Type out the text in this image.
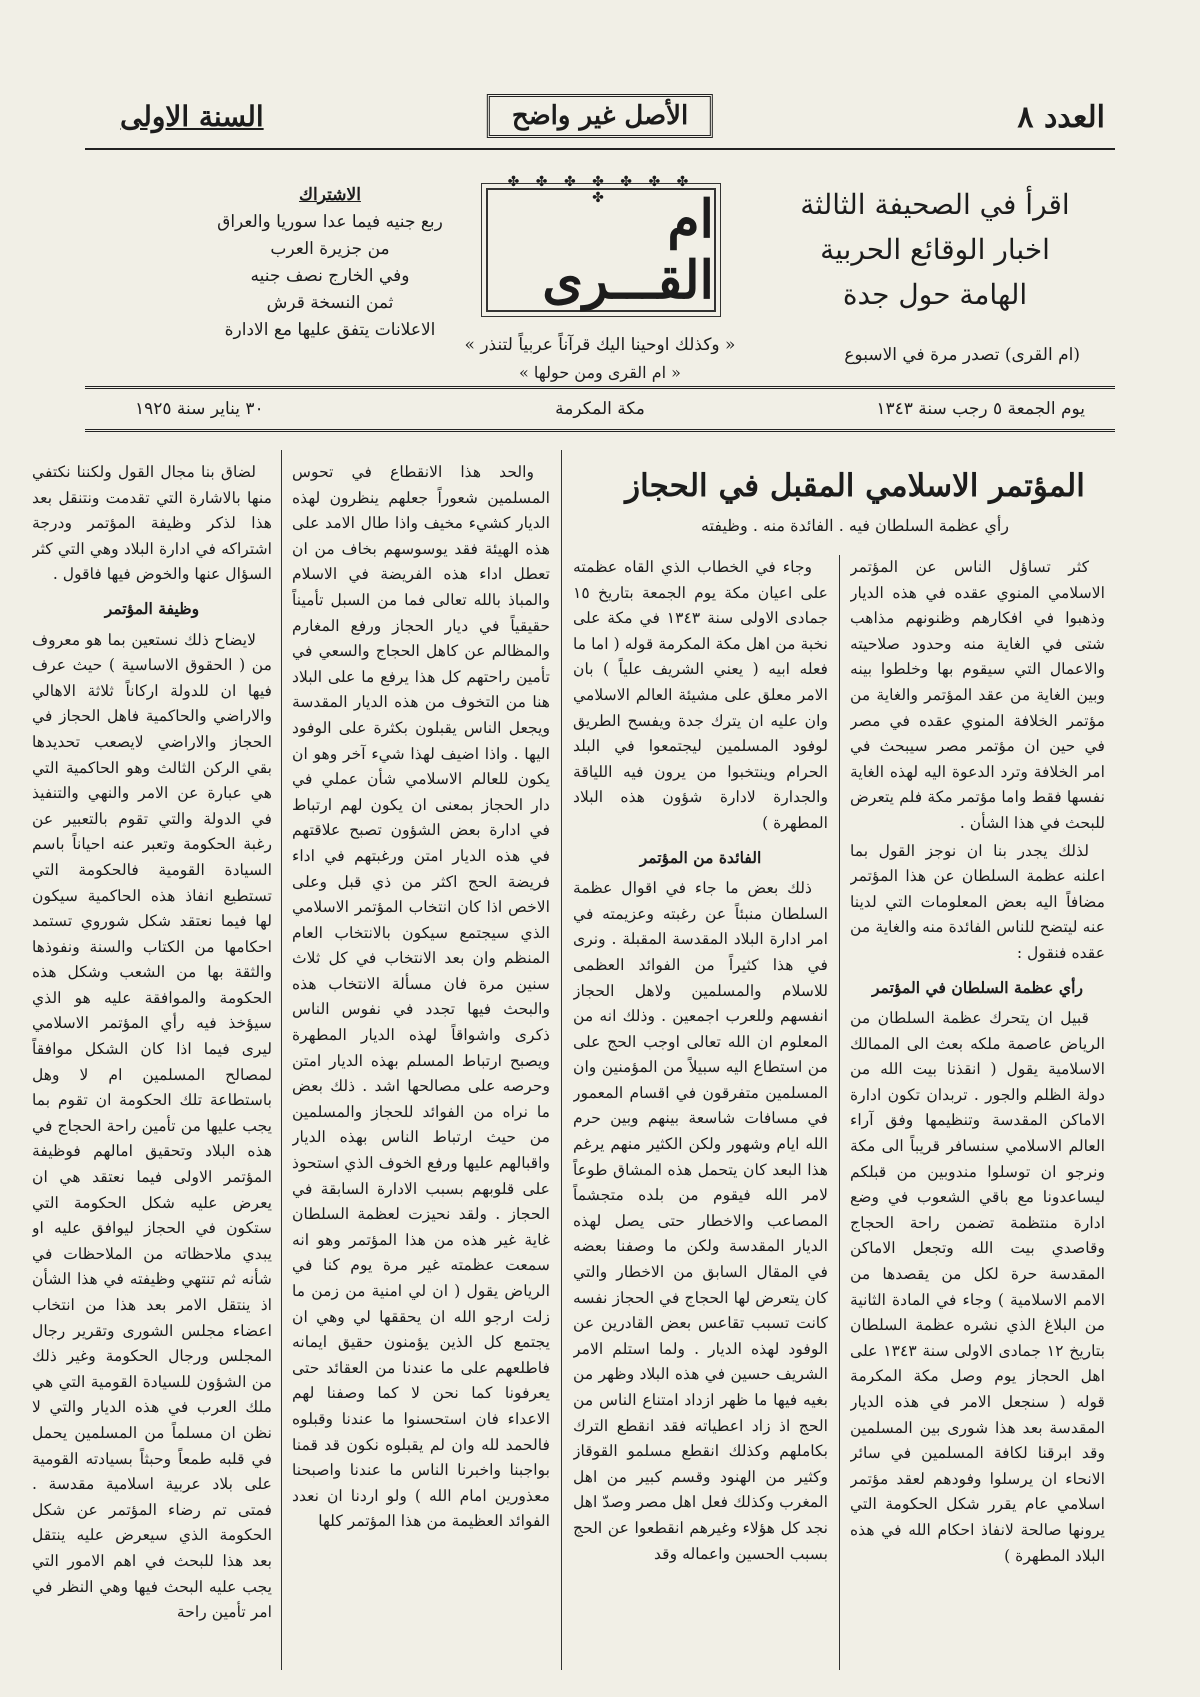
العدد ٨
الأصل غير واضح
السنة الاولى
اقرأ في الصحيفة الثالثة
اخبار الوقائع الحربية
الهامة حول جدة
(ام القرى) تصدر مرة في الاسبوع
✤ ✤ ✤ ✤ ✤ ✤ ✤ ✤	ام القـــرى
« وكذلك اوحينا اليك قرآناً عربياً لتنذر »
« ام القرى ومن حولها »
الاشتراك
ربع جنيه فيما عدا سوريا والعراق
من جزيرة العرب
وفي الخارج نصف جنيه
ثمن النسخة قرش
الاعلانات يتفق عليها مع الادارة
يوم الجمعة ٥ رجب سنة ١٣٤٣
مكة المكرمة
٣٠ يناير سنة ١٩٢٥
المؤتمر الاسلامي المقبل في الحجاز
رأي عظمة السلطان فيه . الفائدة منه . وظيفته

كثر تساؤل الناس عن المؤتمر الاسلامي المنوي عقده في هذه الديار وذهبوا في افكارهم وظنونهم مذاهب شتى في الغاية منه وحدود صلاحيته والاعمال التي سيقوم بها وخلطوا بينه وبين الغاية من عقد المؤتمر والغاية من مؤتمر الخلافة المنوي عقده في مصر في حين ان مؤتمر مصر سيبحث في امر الخلافة وترد الدعوة اليه لهذه الغاية نفسها فقط واما مؤتمر مكة فلم يتعرض للبحث في هذا الشأن .

لذلك يجدر بنا ان نوجز القول بما اعلنه عظمة السلطان عن هذا المؤتمر مضافاً اليه بعض المعلومات التي لدينا عنه ليتضح للناس الفائدة منه والغاية من عقده فنقول :

رأي عظمة السلطان في المؤتمر

قبيل ان يتحرك عظمة السلطان من الرياض عاصمة ملكه بعث الى الممالك الاسلامية يقول ( انقذنا بيت الله من دولة الظلم والجور . تربدان تكون ادارة الاماكن المقدسة وتنظيمها وفق آراء العالم الاسلامي سنسافر قريباً الى مكة ونرجو ان توسلوا مندوبين من قبلكم ليساعدونا مع باقي الشعوب في وضع ادارة منتظمة تضمن راحة الحجاج وقاصدي بيت الله وتجعل الاماكن المقدسة حرة لكل من يقصدها من الامم الاسلامية ) وجاء في المادة الثانية من البلاغ الذي نشره عظمة السلطان بتاريخ ١٢ جمادى الاولى سنة ١٣٤٣ على اهل الحجاز يوم وصل مكة المكرمة قوله ( سنجعل الامر في هذه الديار المقدسة بعد هذا شورى بين المسلمين وقد ابرقنا لكافة المسلمين في سائر الانحاء ان يرسلوا وفودهم لعقد مؤتمر اسلامي عام يقرر شكل الحكومة التي يرونها صالحة لانفاذ احكام الله في هذه البلاد المطهرة )

وجاء في الخطاب الذي القاه عظمته على اعيان مكة يوم الجمعة بتاريخ ١٥ جمادى الاولى سنة ١٣٤٣ في مكة على نخبة من اهل مكة المكرمة قوله ( اما ما فعله ابيه ( يعني الشريف علياً ) بان الامر معلق على مشيئة العالم الاسلامي وان عليه ان يترك جدة ويفسح الطريق لوفود المسلمين ليجتمعوا في البلد الحرام وينتخبوا من يرون فيه اللياقة والجدارة لادارة شؤون هذه البلاد المطهرة )

الفائدة من المؤتمر

ذلك بعض ما جاء في اقوال عظمة السلطان منبئاً عن رغبته وعزيمته في امر ادارة البلاد المقدسة المقبلة . ونرى في هذا كثيراً من الفوائد العظمى للاسلام والمسلمين ولاهل الحجاز انفسهم وللعرب اجمعين . وذلك انه من المعلوم ان الله تعالى اوجب الحج على من استطاع اليه سبيلاً من المؤمنين وان المسلمين متفرقون في اقسام المعمور في مسافات شاسعة بينهم وبين حرم الله ايام وشهور ولكن الكثير منهم يرغم هذا البعد كان يتحمل هذه المشاق طوعاً لامر الله فيقوم من بلده متجشماً المصاعب والاخطار حتى يصل لهذه الديار المقدسة ولكن ما وصفنا بعضه في المقال السابق من الاخطار والتي كان يتعرض لها الحجاج في الحجاز نفسه كانت تسبب تقاعس بعض القادرين عن الوفود لهذه الديار . ولما استلم الامر الشريف حسين في هذه البلاد وظهر من بغيه فيها ما ظهر ازداد امتناع الناس من الحج اذ زاد اعطياته فقد انقطع الترك بكاملهم وكذلك انقطع مسلمو القوقاز وكثير من الهنود وقسم كبير من اهل المغرب وكذلك فعل اهل مصر وصدّ اهل نجد كل هؤلاء وغيرهم انقطعوا عن الحج بسبب الحسين واعماله وقد

والحد هذا الانقطاع في تحوس المسلمين شعوراً جعلهم ينظرون لهذه الديار كشيء مخيف واذا طال الامد على هذه الهيئة فقد يوسوسهم بخاف من ان تعطل اداء هذه الفريضة في الاسلام والمباذ بالله تعالى فما من السبل تأميناً حقيقياً في ديار الحجاز ورفع المغارم والمظالم عن كاهل الحجاج والسعي في تأمين راحتهم كل هذا يرفع ما على البلاد هنا من التخوف من هذه الديار المقدسة ويجعل الناس يقبلون بكثرة على الوفود اليها . واذا اضيف لهذا شيء آخر وهو ان يكون للعالم الاسلامي شأن عملي في دار الحجاز بمعنى ان يكون لهم ارتباط في ادارة بعض الشؤون تصبح علاقتهم في هذه الديار امتن ورغبتهم في اداء فريضة الحج اكثر من ذي قبل وعلى الاخص اذا كان انتخاب المؤتمر الاسلامي الذي سيجتمع سيكون بالانتخاب العام المنظم وان بعد الانتخاب في كل ثلاث سنين مرة فان مسألة الانتخاب هذه والبحث فيها تجدد في نفوس الناس ذكرى واشواقاً لهذه الديار المطهرة ويصبح ارتباط المسلم بهذه الديار امتن وحرصه على مصالحها اشد . ذلك بعض ما نراه من الفوائد للحجاز والمسلمين من حيث ارتباط الناس بهذه الديار واقبالهم عليها ورفع الخوف الذي استحوذ على قلوبهم بسبب الادارة السابقة في الحجاز . ولقد نحيزت لعظمة السلطان غاية غير هذه من هذا المؤتمر وهو انه سمعت عظمته غير مرة يوم كنا في الرياض يقول ( ان لي امنية من زمن ما زلت ارجو الله ان يحققها لي وهي ان يجتمع كل الذين يؤمنون حقيق ايمانه فاطلعهم على ما عندنا من العقائد حتى يعرفونا كما نحن لا كما وصفنا لهم الاعداء فان استحسنوا ما عندنا وقبلوه فالحمد لله وان لم يقبلوه نكون قد قمنا بواجبنا واخبرنا الناس ما عندنا واصبحنا معذورين امام الله ) ولو اردنا ان نعدد الفوائد العظيمة من هذا المؤتمر كلها

لضاق بنا مجال القول ولكننا نكتفي منها بالاشارة التي تقدمت ونتنقل بعد هذا لذكر وظيفة المؤتمر ودرجة اشتراكه في ادارة البلاد وهي التي كثر السؤال عنها والخوض فيها فاقول .

وظيفة المؤتمر

لايضاح ذلك نستعين بما هو معروف من ( الحقوق الاساسية ) حيث عرف فيها ان للدولة اركاناً ثلاثة الاهالي والاراضي والحاكمية فاهل الحجاز في الحجاز والاراضي لايصعب تحديدها بقي الركن الثالث وهو الحاكمية التي هي عبارة عن الامر والنهي والتنفيذ في الدولة والتي تقوم بالتعبير عن رغبة الحكومة وتعبر عنه احياناً باسم السيادة القومية فالحكومة التي تستطيع انفاذ هذه الحاكمية سيكون لها فيما نعتقد شكل شوروي تستمد احكامها من الكتاب والسنة ونفوذها والثقة بها من الشعب وشكل هذه الحكومة والموافقة عليه هو الذي سيؤخذ فيه رأي المؤتمر الاسلامي ليرى فيما اذا كان الشكل موافقاً لمصالح المسلمين ام لا وهل باستطاعة تلك الحكومة ان تقوم بما يجب عليها من تأمين راحة الحجاج في هذه البلاد وتحقيق امالهم فوظيفة المؤتمر الاولى فيما نعتقد هي ان يعرض عليه شكل الحكومة التي ستكون في الحجاز ليوافق عليه او يبدي ملاحظاته من الملاحظات في شأنه ثم تنتهي وظيفته في هذا الشأن اذ ينتقل الامر بعد هذا من انتخاب اعضاء مجلس الشورى وتقرير رجال المجلس ورجال الحكومة وغير ذلك من الشؤون للسيادة القومية التي هي ملك العرب في هذه الديار والتي لا نظن ان مسلماً من المسلمين يحمل في قلبه طمعاً وحبثاً بسيادته القومية على بلاد عربية اسلامية مقدسة . فمتى تم رضاء المؤتمر عن شكل الحكومة الذي سيعرض عليه ينتقل بعد هذا للبحث في اهم الامور التي يجب عليه البحث فيها وهي النظر في امر تأمين راحة
